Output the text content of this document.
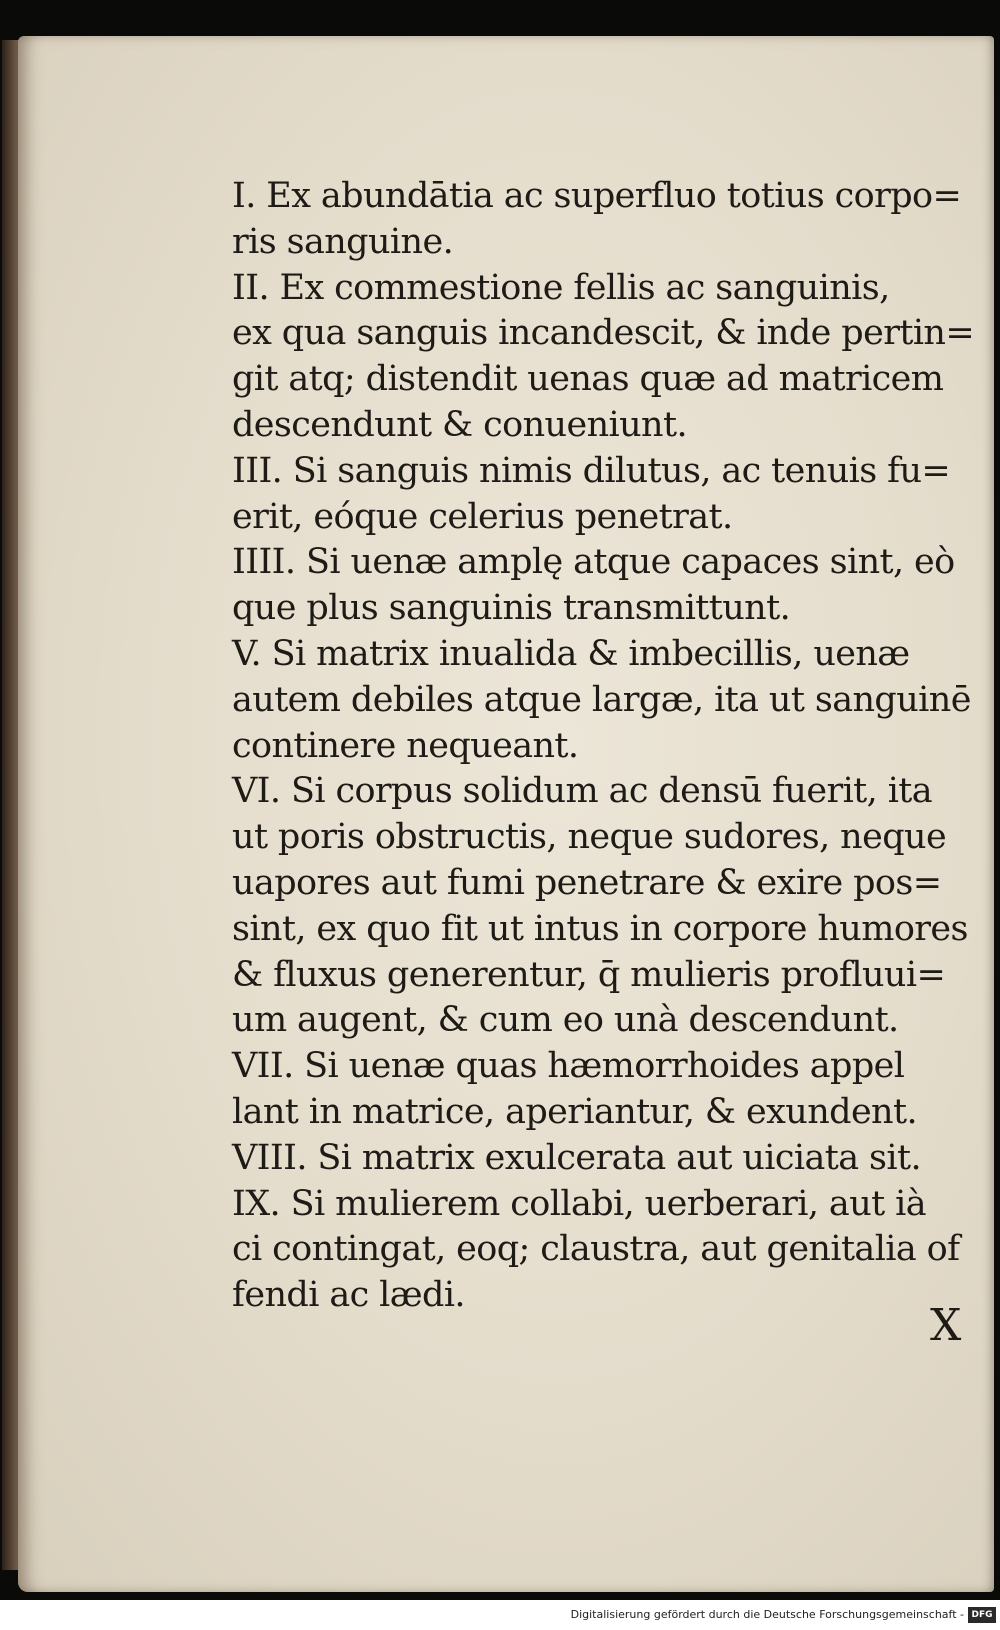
I. Ex abundātia ac superfluo totius corpo=
ris sanguine.
II. Ex commestione fellis ac sanguinis,
ex qua sanguis incandescit, & inde pertin=
git atq; distendit uenas quæ ad matricem
descendunt & conueniunt.
III. Si sanguis nimis dilutus, ac tenuis fu=
erit, eóque celerius penetrat.
IIII. Si uenæ amplę atque capaces sint, eò
que plus sanguinis transmittunt.
V. Si matrix inualida & imbecillis, uenæ
autem debiles atque largæ, ita ut sanguinē
continere nequeant.
VI. Si corpus solidum ac densū fuerit, ita
ut poris obstructis, neque sudores, neque
uapores aut fumi penetrare & exire pos=
sint, ex quo fit ut intus in corpore humores
& fluxus generentur, q̄ mulieris profluui=
um augent, & cum eo unà descendunt.
VII. Si uenæ quas hæmorrhoides appel
lant in matrice, aperiantur, & exundent.
VIII. Si matrix exulcerata aut uiciata sit.
IX. Si mulierem collabi, uerberari, aut ià
ci contingat, eoq; claustra, aut genitalia of
fendi ac lædi.
X
Digitalisierung gefördert durch die Deutsche Forschungsgemeinschaft - DFG
